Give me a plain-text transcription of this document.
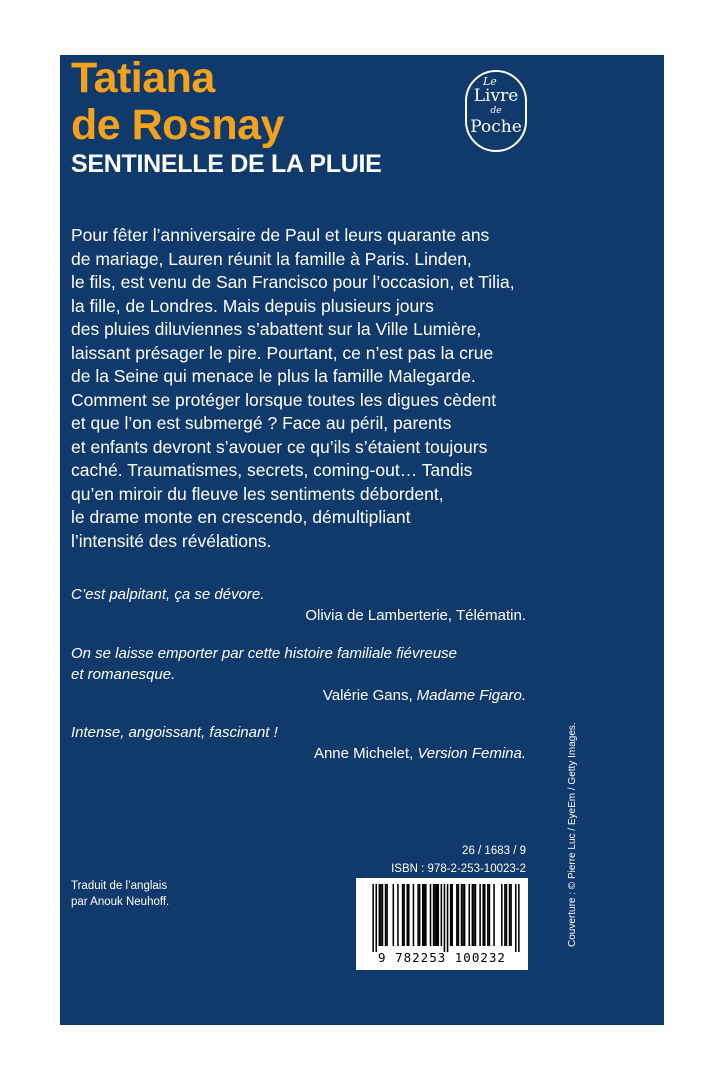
Tatiana
de Rosnay
SENTINELLE DE LA PLUIE
Le
Livre
de
Poche
Pour fêter l’anniversaire de Paul et leurs quarante ans
de mariage, Lauren réunit la famille à Paris. Linden,
le fils, est venu de San Francisco pour l’occasion, et Tilia,
la fille, de Londres. Mais depuis plusieurs jours
des pluies diluviennes s’abattent sur la Ville Lumière,
laissant présager le pire. Pourtant, ce n’est pas la crue
de la Seine qui menace le plus la famille Malegarde.
Comment se protéger lorsque toutes les digues cèdent
et que l’on est submergé ? Face au péril, parents
et enfants devront s’avouer ce qu’ils s’étaient toujours
caché. Traumatismes, secrets, coming-out… Tandis
qu’en miroir du fleuve les sentiments débordent,
le drame monte en crescendo, démultipliant
l’intensité des révélations.
C’est palpitant, ça se dévore.
Olivia de Lamberterie, Télématin.
On se laisse emporter par cette histoire familiale fiévreuse
et romanesque.
Valérie Gans, Madame Figaro.
Intense, angoissant, fascinant !
Anne Michelet, Version Femina.	Couverture : © Pierre Luc / EyeEm / Getty Images.
26 / 1683 / 9
ISBN : 978-2-253-10023-2
Traduit de l’anglais
par Anouk Neuhoff.
9 782253 100232
